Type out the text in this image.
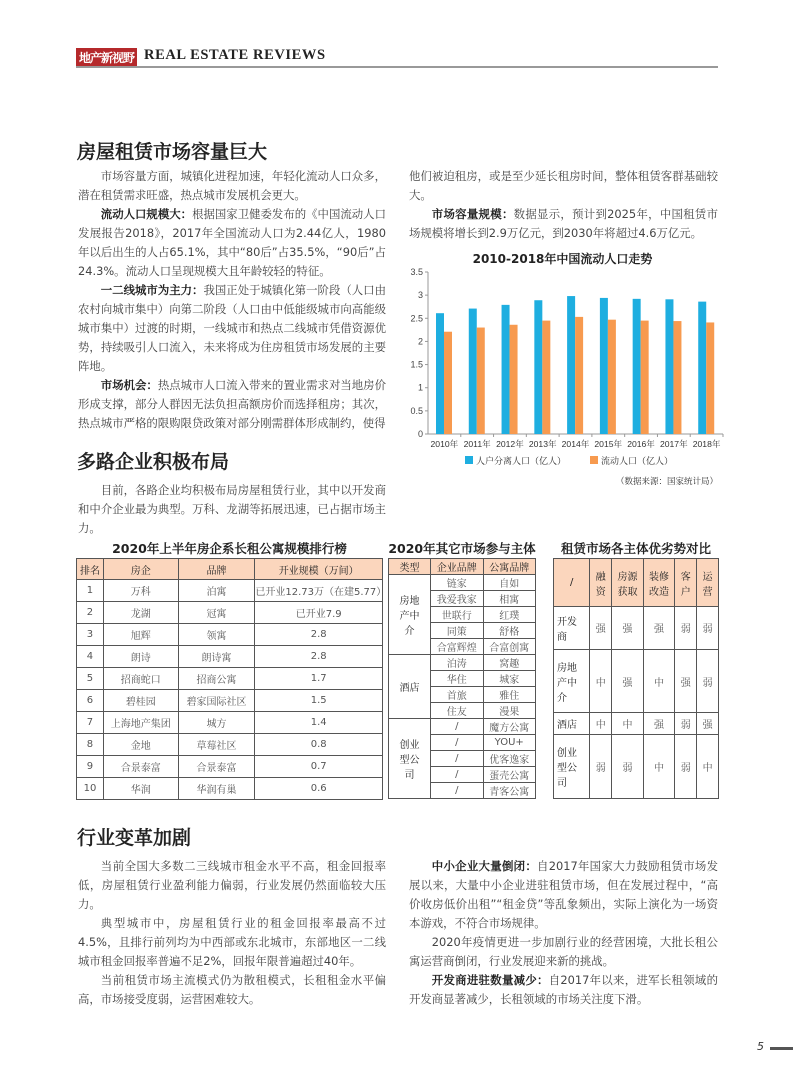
地产新视野 REAL ESTATE REVIEWS
房屋租赁市场容量巨大

市场容量方面，城镇化进程加速，年轻化流动人口众多，潜在租赁需求旺盛，热点城市发展机会更大。

流动人口规模大：根据国家卫健委发布的《中国流动人口发展报告2018》，2017年全国流动人口为2.44亿人，1980年以后出生的人占65.1%，其中“80后”占35.5%，“90后”占24.3%。流动人口呈现规模大且年龄较轻的特征。

一二线城市为主力：我国正处于城镇化第一阶段（人口由农村向城市集中）向第二阶段（人口由中低能级城市向高能级城市集中）过渡的时期，一线城市和热点二线城市凭借资源优势，持续吸引人口流入，未来将成为住房租赁市场发展的主要阵地。

市场机会：热点城市人口流入带来的置业需求对当地房价形成支撑，部分人群因无法负担高额房价而选择租房；其次，热点城市严格的限购限贷政策对部分刚需群体形成制约，使得

他们被迫租房，或是至少延长租房时间，整体租赁客群基础较大。

市场容量规模：数据显示，预计到2025年，中国租赁市场规模将增长到2.9万亿元，到2030年将超过4.6万亿元。

2010-2018年中国流动人口走势
0
0.5
1
1.5
2
2.5
3
3.5
2010年 2011年 2012年 2013年 2014年 2015年 2016年 2017年 2018年
人户分离人口（亿人）	流动人口（亿人）
（数据来源：国家统计局）
多路企业积极布局

目前，各路企业均积极布局房屋租赁行业，其中以开发商和中介企业最为典型。万科、龙湖等拓展迅速，已占据市场主力。

2020年上半年房企系长租公寓规模排行榜
排名	房企	品牌	开业规模（万间）
1	万科	泊寓	已开业12.73万（在建5.77）
2	龙湖	冠寓	已开业7.9
3	旭辉	领寓	2.8
4	朗诗	朗诗寓	2.8
5	招商蛇口	招商公寓	1.7
6	碧桂园	碧家国际社区	1.5
7	上海地产集团	城方	1.4
8	金地	草莓社区	0.8
9	合景泰富	合景泰富	0.7
10	华润	华润有巢	0.6
2020年其它市场参与主体
类型	企业品牌	公寓品牌
房地产中介	链家	自如
	我爱我家	相寓
	世联行	红璞
	同策	舒格
	合富辉煌	合富创寓
酒店	泊涛	窝趣
	华住	城家
	首旅	雅住
	住友	漫果
创业型公司	/	魔方公寓
	/	YOU+
	/	优客逸家
	/	蛋壳公寓
	/	青客公寓
租赁市场各主体优劣势对比
/	融资	房源获取	装修改造	客户	运营
开发商	强	强	强	弱	弱
房地产中介	中	强	中	强	弱
酒店	中	中	强	弱	强
创业型公司	弱	弱	中	弱	中
行业变革加剧

当前全国大多数二三线城市租金水平不高，租金回报率低，房屋租赁行业盈利能力偏弱，行业发展仍然面临较大压力。

典型城市中，房屋租赁行业的租金回报率最高不过4.5%，且排行前列均为中西部或东北城市，东部地区一二线城市租金回报率普遍不足2%，回报年限普遍超过40年。

当前租赁市场主流模式仍为散租模式，长租租金水平偏高，市场接受度弱，运营困难较大。

中小企业大量倒闭：自2017年国家大力鼓励租赁市场发展以来，大量中小企业进驻租赁市场，但在发展过程中，“高价收房低价出租”“租金贷”等乱象频出，实际上演化为一场资本游戏，不符合市场规律。

2020年疫情更进一步加剧行业的经营困境，大批长租公寓运营商倒闭，行业发展迎来新的挑战。

开发商进驻数量减少：自2017年以来，进军长租领域的开发商显著减少，长租领域的市场关注度下滑。

5
